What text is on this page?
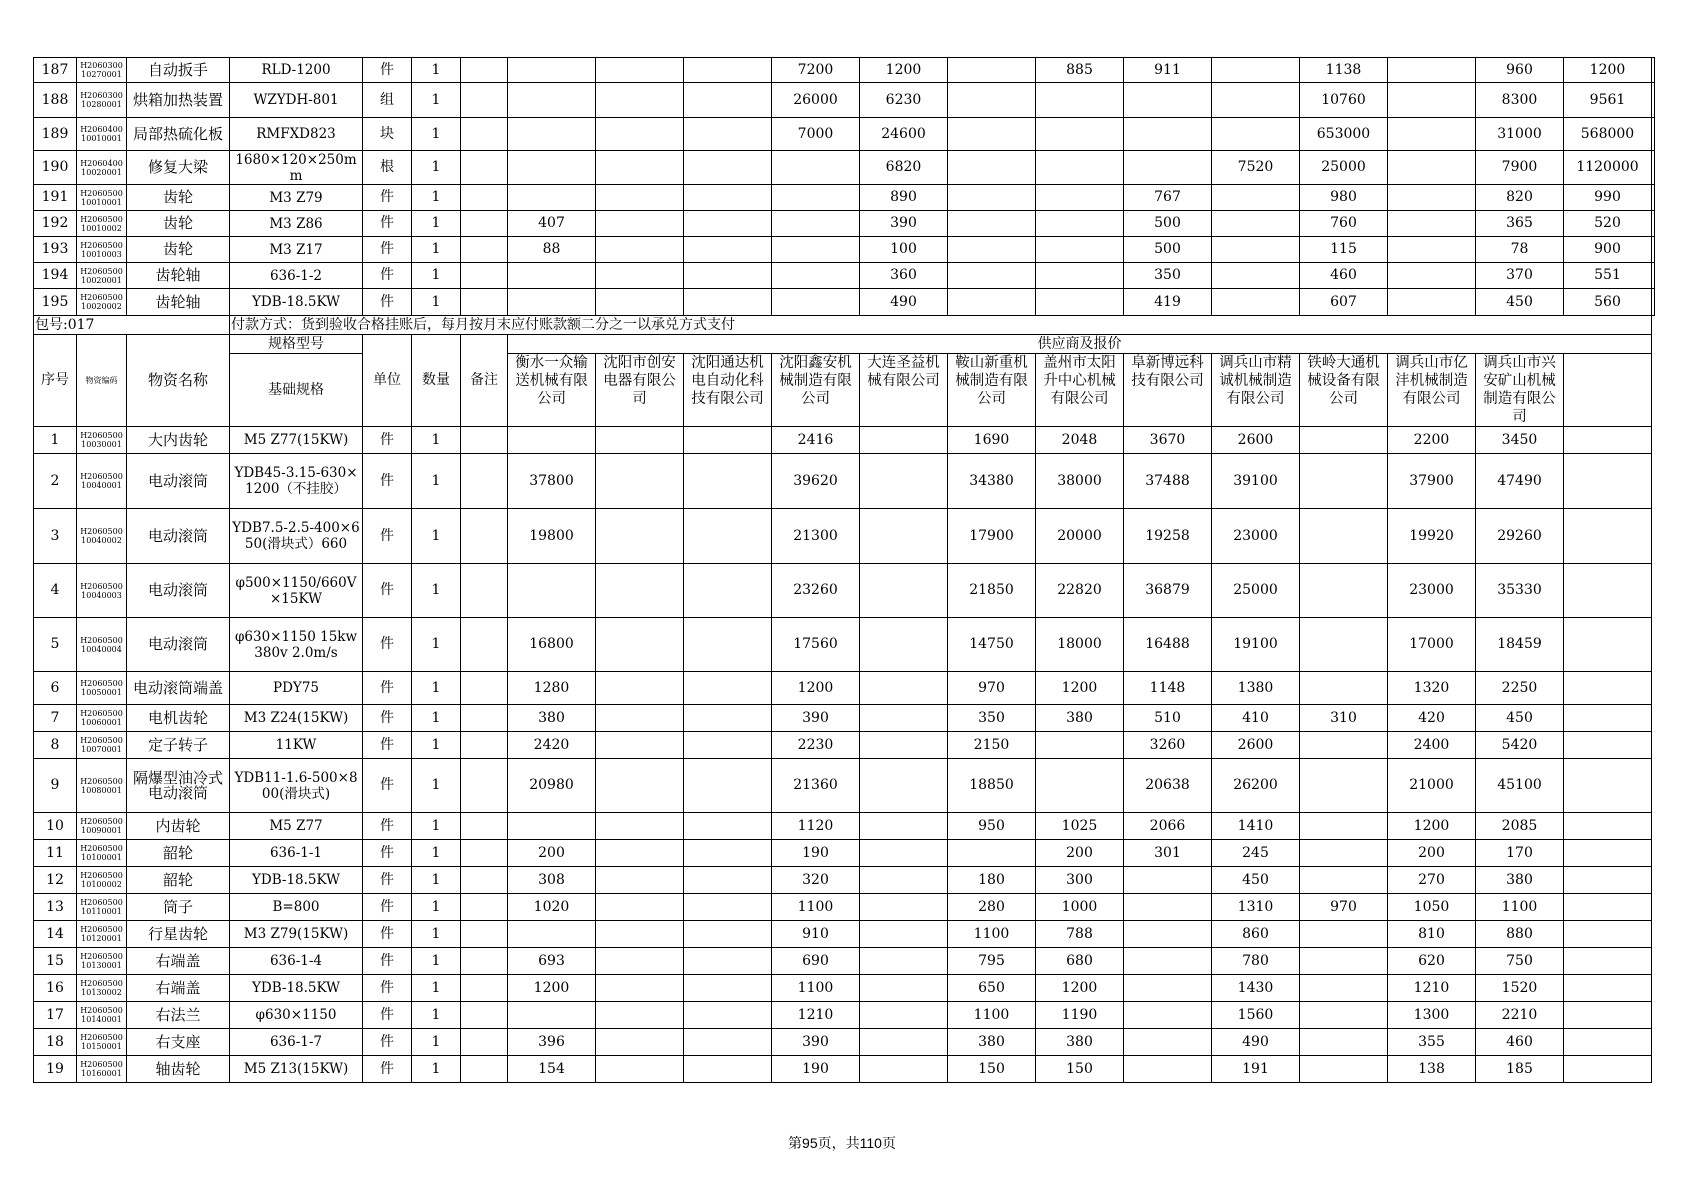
187	H206030010270001	自动扳手	RLD-1200	件	1					7200	1200		885	911		1138		960	1200	
188	H206030010280001	烘箱加热装置	WZYDH-801	组	1					26000	6230					10760		8300	9561	
189	H206040010010001	局部热硫化板	RMFXD823	块	1					7000	24600					653000		31000	568000	
190	H206040010020001	修复大梁	1680×120×250mm	根	1						6820				7520	25000		7900	1120000	
191	H206050010010001	齿轮	M3 Z79	件	1						890			767		980		820	990	
192	H206050010010002	齿轮	M3 Z86	件	1		407				390			500		760		365	520	
193	H206050010010003	齿轮	M3 Z17	件	1		88				100			500		115		78	900	
194	H206050010020001	齿轮轴	636-1-2	件	1						360			350		460		370	551	
195	H206050010020002	齿轮轴	YDB-18.5KW	件	1						490			419		607		450	560	
包号:017			付款方式：货到验收合格挂账后，每月按月末应付账款额二分之一以承兑方式支付																	
序号	物资编码	物资名称	规格型号	单位	数量	备注	供应商及报价													
			基础规格				衡水一众输送机械有限公司	沈阳市创安电器有限公司	沈阳通达机电自动化科技有限公司	沈阳鑫安机械制造有限公司	大连圣益机械有限公司	鞍山新重机械制造有限公司	盖州市太阳升中心机械有限公司	阜新博远科技有限公司	调兵山市精诚机械制造有限公司	铁岭大通机械设备有限公司	调兵山市亿沣机械制造有限公司	调兵山市兴安矿山机械制造有限公司		
1	H206050010030001	大内齿轮	M5 Z77(15KW)	件	1					2416		1690	2048	3670	2600		2200	3450		
2	H206050010040001	电动滚筒	YDB45-3.15-630×1200（不挂胶）	件	1		37800			39620		34380	38000	37488	39100		37900	47490		
3	H206050010040002	电动滚筒	YDB7.5-2.5-400×650(滑块式）660	件	1		19800			21300		17900	20000	19258	23000		19920	29260		
4	H206050010040003	电动滚筒	φ500×1150/660V×15KW	件	1					23260		21850	22820	36879	25000		23000	35330		
5	H206050010040004	电动滚筒	φ630×1150 15kw 380v 2.0m/s	件	1		16800			17560		14750	18000	16488	19100		17000	18459		
6	H206050010050001	电动滚筒端盖	PDY75	件	1		1280			1200		970	1200	1148	1380		1320	2250		
7	H206050010060001	电机齿轮	M3 Z24(15KW)	件	1		380			390		350	380	510	410	310	420	450		
8	H206050010070001	定子转子	11KW	件	1		2420			2230		2150		3260	2600		2400	5420		
9	H206050010080001	隔爆型油冷式电动滚筒	YDB11-1.6-500×800(滑块式)	件	1		20980			21360		18850		20638	26200		21000	45100		
10	H206050010090001	内齿轮	M5 Z77	件	1					1120		950	1025	2066	1410		1200	2085		
11	H206050010100001	韶轮	636-1-1	件	1		200			190			200	301	245		200	170		
12	H206050010100002	韶轮	YDB-18.5KW	件	1		308			320		180	300		450		270	380		
13	H206050010110001	筒子	B=800	件	1		1020			1100		280	1000		1310	970	1050	1100		
14	H206050010120001	行星齿轮	M3 Z79(15KW)	件	1					910		1100	788		860		810	880		
15	H206050010130001	右端盖	636-1-4	件	1		693			690		795	680		780		620	750		
16	H206050010130002	右端盖	YDB-18.5KW	件	1		1200			1100		650	1200		1430		1210	1520		
17	H206050010140001	右法兰	φ630×1150	件	1					1210		1100	1190		1560		1300	2210		
18	H206050010150001	右支座	636-1-7	件	1		396			390		380	380		490		355	460		
19	H206050010160001	轴齿轮	M5 Z13(15KW)	件	1		154			190		150	150		191		138	185		
第95页，共110页
